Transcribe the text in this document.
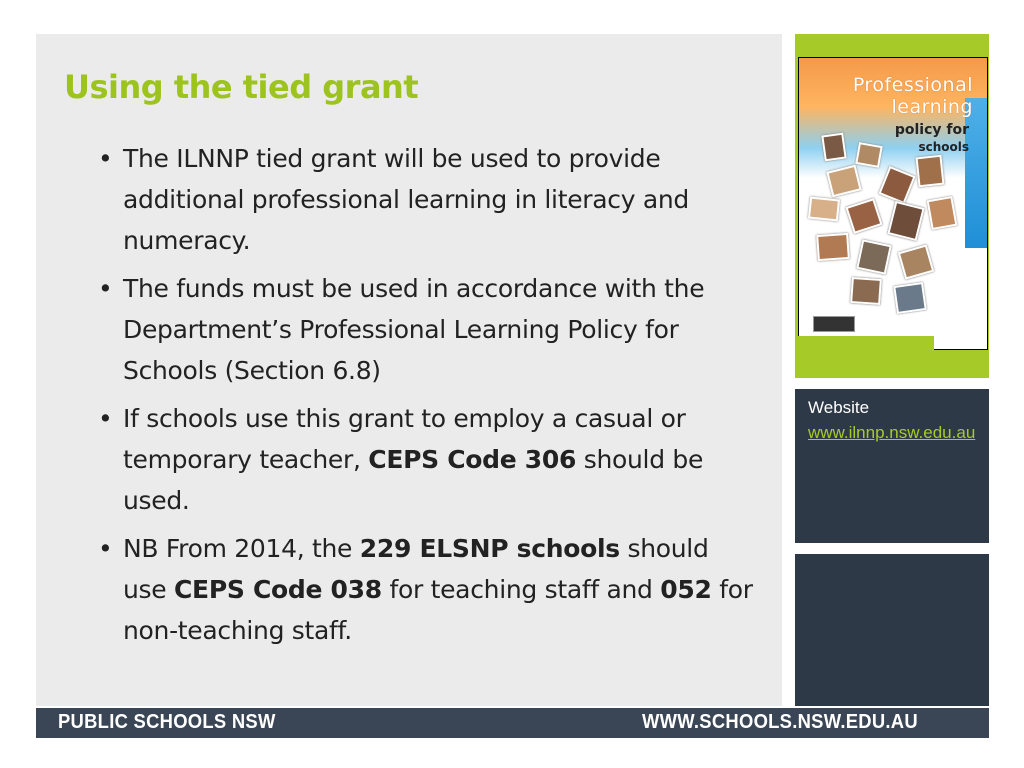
Using the tied grant
• The ILNNP tied grant will be used to provide additional professional learning in literacy and numeracy.
• The funds must be used in accordance with the Department’s Professional Learning Policy for Schools (Section 6.8)
• If schools use this grant to employ a casual or temporary teacher, CEPS Code 306 should be used.
• NB From 2014, the 229 ELSNP schools should use CEPS Code 038 for teaching staff and 052 for non-teaching staff.
Professional
learning
policy for
schools
Website
www.ilnnp.nsw.edu.au
PUBLIC SCHOOLS NSW	WWW.SCHOOLS.NSW.EDU.AU
